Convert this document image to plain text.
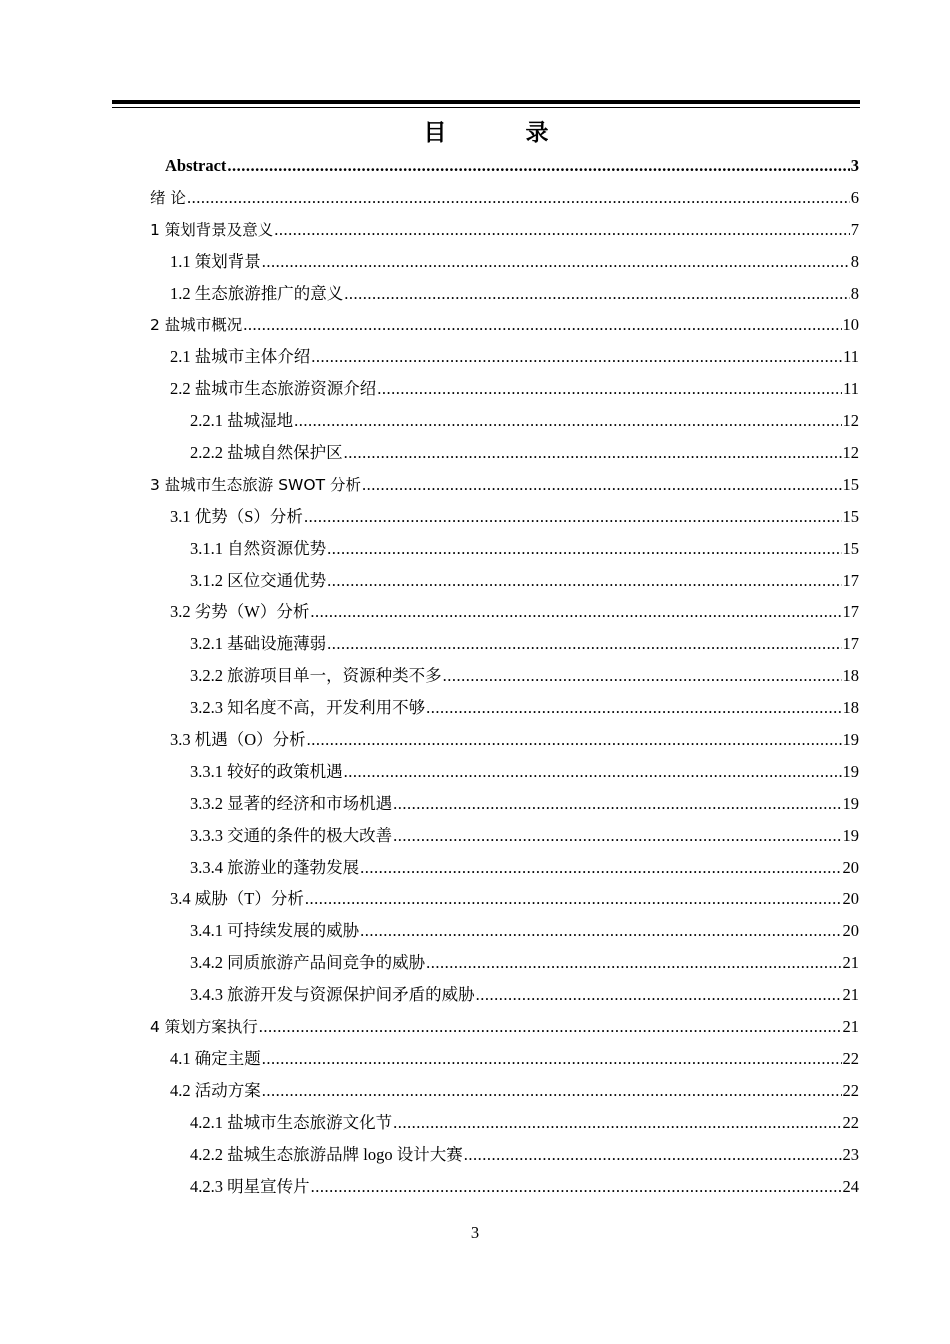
目　录
Abstract .....	3
绪 论 .....	6
1 策划背景及意义 .....	7
1.1 策划背景 .....	8
1.2 生态旅游推广的意义 .....	8
2 盐城市概况 .....	10
2.1 盐城市主体介绍 .....	11
2.2 盐城市生态旅游资源介绍 .....	11
2.2.1 盐城湿地 .....	12
2.2.2 盐城自然保护区 .....	12
3 盐城市生态旅游 SWOT 分析 .....	15
3.1 优势（S）分析 .....	15
3.1.1 自然资源优势 .....	15
3.1.2 区位交通优势 .....	17
3.2 劣势（W）分析 .....	17
3.2.1 基础设施薄弱 .....	17
3.2.2 旅游项目单一，资源种类不多 .....	18
3.2.3 知名度不高，开发利用不够 .....	18
3.3 机遇（O）分析 .....	19
3.3.1 较好的政策机遇 .....	19
3.3.2 显著的经济和市场机遇 .....	19
3.3.3 交通的条件的极大改善 .....	19
3.3.4 旅游业的蓬勃发展 .....	20
3.4 威胁（T）分析 .....	20
3.4.1 可持续发展的威胁 .....	20
3.4.2 同质旅游产品间竞争的威胁 .....	21
3.4.3 旅游开发与资源保护间矛盾的威胁 .....	21
4 策划方案执行 .....	21
4.1 确定主题 .....	22
4.2 活动方案 .....	22
4.2.1 盐城市生态旅游文化节 .....	22
4.2.2 盐城生态旅游品牌 logo 设计大赛 .....	23
4.2.3 明星宣传片 .....	24
3
